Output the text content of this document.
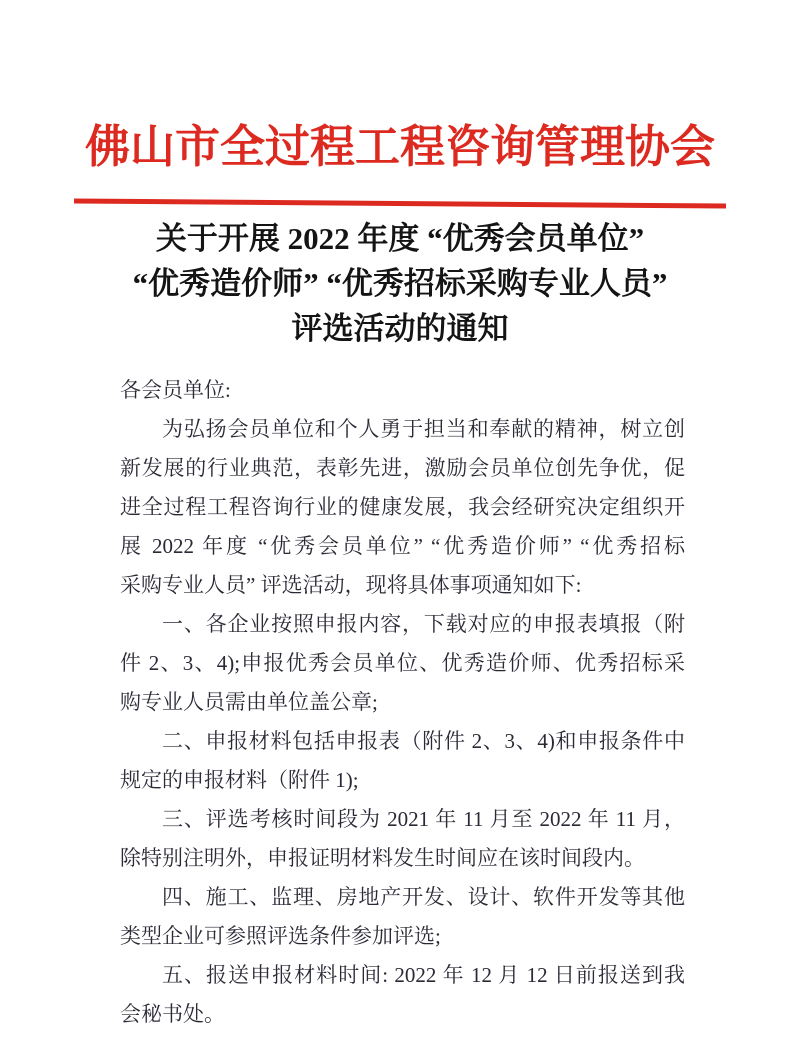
佛山市全过程工程咨询管理协会
关于开展 2022 年度 “优秀会员单位”
“优秀造价师” “优秀招标采购专业人员”
评选活动的通知
各会员单位:
为弘扬会员单位和个人勇于担当和奉献的精神，树立创
新发展的行业典范，表彰先进，激励会员单位创先争优，促
进全过程工程咨询行业的健康发展，我会经研究决定组织开
展 2022 年度 “优秀会员单位” “优秀造价师” “优秀招标
采购专业人员” 评选活动，现将具体事项通知如下:
一、各企业按照申报内容，下载对应的申报表填报（附
件 2、3、4);申报优秀会员单位、优秀造价师、优秀招标采
购专业人员需由单位盖公章;
二、申报材料包括申报表（附件 2、3、4)和申报条件中
规定的申报材料（附件 1);
三、评选考核时间段为 2021 年 11 月至 2022 年 11 月，
除特别注明外，申报证明材料发生时间应在该时间段内。
四、施工、监理、房地产开发、设计、软件开发等其他
类型企业可参照评选条件参加评选;
五、报送申报材料时间: 2022 年 12 月 12 日前报送到我
会秘书处。
